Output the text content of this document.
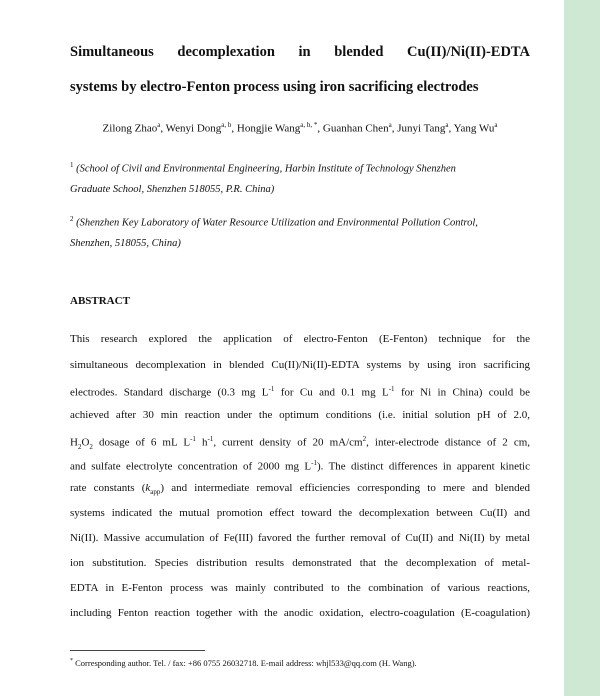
Simultaneous decomplexation in blended Cu(II)/Ni(II)-EDTA

systems by electro-Fenton process using iron sacrificing electrodes

Zilong Zhao$^a$, Wenyi Dong$^{a, b}$, Hongjie Wang$^{a, b, *}$, Guanhan Chen$^a$, Junyi Tang$^a$, Yang Wu$^a$

$^1$ (School of Civil and Environmental Engineering, Harbin Institute of Technology Shenzhen

Graduate School, Shenzhen 518055, P.R. China)

$^2$ (Shenzhen Key Laboratory of Water Resource Utilization and Environmental Pollution Control,

Shenzhen, 518055, China)

ABSTRACT

This research explored the application of electro-Fenton (E-Fenton) technique for the

simultaneous decomplexation in blended Cu(II)/Ni(II)-EDTA systems by using iron sacrificing

electrodes. Standard discharge (0.3 mg $L^{-1}$ for Cu and 0.1 mg $L^{-1}$ for Ni in China) could be

achieved after 30 min reaction under the optimum conditions (i.e. initial solution pH of 2.0,

$H_2O_2$ dosage of 6 mL $L^{-1}$ $h^{-1}$, current density of 20 $mA/cm^2$, inter-electrode distance of 2 cm,

and sulfate electrolyte concentration of 2000 mg $L^{-1}$). The distinct differences in apparent kinetic

rate constants $(k_{app})$ and intermediate removal efficiencies corresponding to mere and blended

systems indicated the mutual promotion effect toward the decomplexation between Cu(II) and

Ni(II). Massive accumulation of Fe(III) favored the further removal of Cu(II) and Ni(II) by metal

ion substitution. Species distribution results demonstrated that the decomplexation of metal-

EDTA in E-Fenton process was mainly contributed to the combination of various reactions,

including Fenton reaction together with the anodic oxidation, electro-coagulation (E-coagulation)

* Corresponding author. Tel. / fax: +86 0755 26032718. E-mail address: whjl533@qq.com (H. Wang).
